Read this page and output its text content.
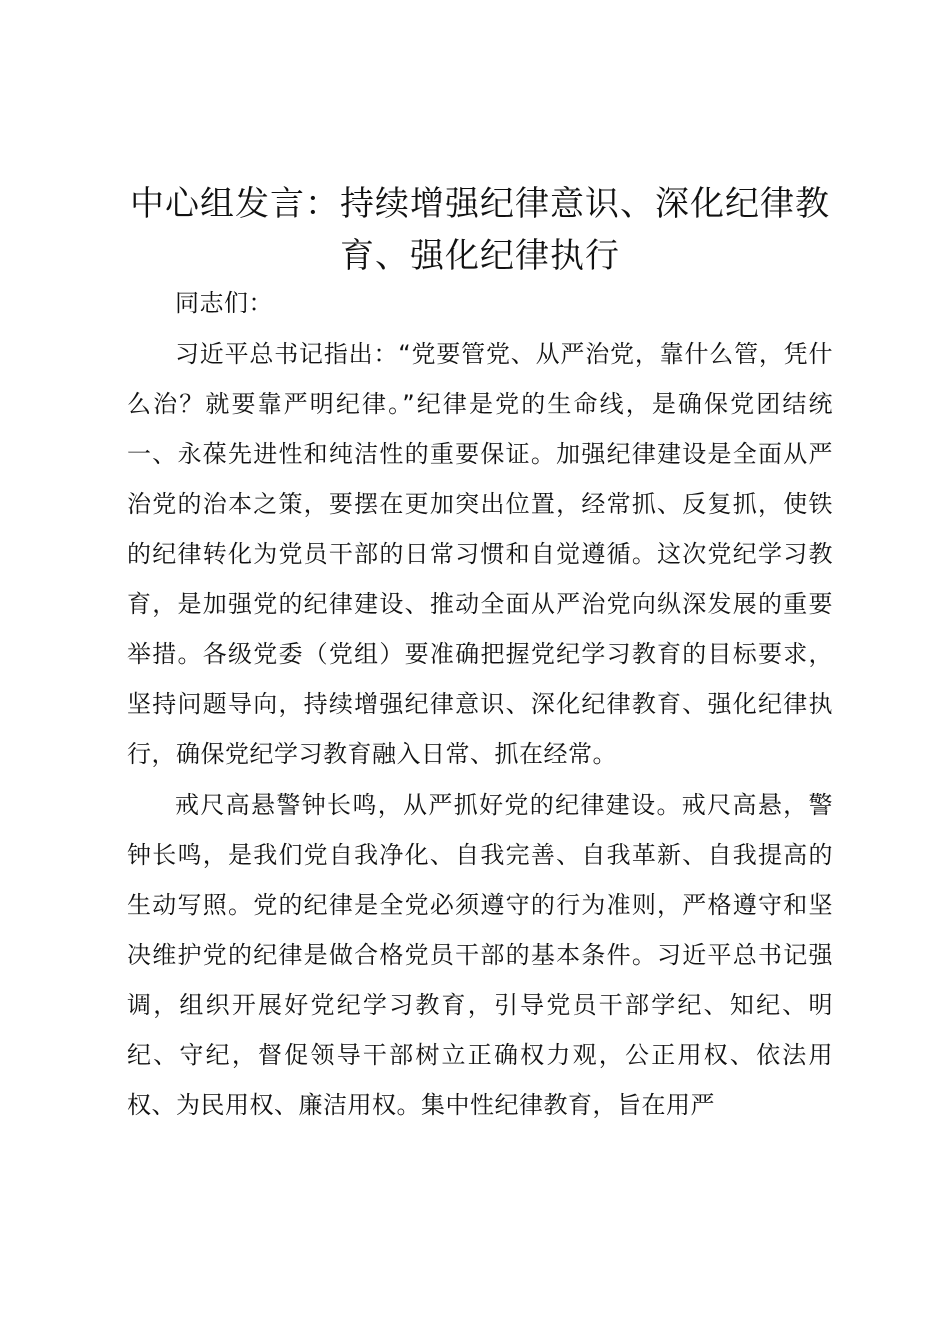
中心组发言：持续增强纪律意识、深化纪律教育、强化纪律执行

同志们：

习近平总书记指出：“党要管党、从严治党，靠什么管，凭什么治？就要靠严明纪律。”纪律是党的生命线，是确保党团结统一、永葆先进性和纯洁性的重要保证。加强纪律建设是全面从严治党的治本之策，要摆在更加突出位置，经常抓、反复抓，使铁的纪律转化为党员干部的日常习惯和自觉遵循。这次党纪学习教育，是加强党的纪律建设、推动全面从严治党向纵深发展的重要举措。各级党委（党组）要准确把握党纪学习教育的目标要求，坚持问题导向，持续增强纪律意识、深化纪律教育、强化纪律执行，确保党纪学习教育融入日常、抓在经常。

戒尺高悬警钟长鸣，从严抓好党的纪律建设。戒尺高悬，警钟长鸣，是我们党自我净化、自我完善、自我革新、自我提高的生动写照。党的纪律是全党必须遵守的行为准则，严格遵守和坚决维护党的纪律是做合格党员干部的基本条件。习近平总书记强调，组织开展好党纪学习教育，引导党员干部学纪、知纪、明纪、守纪，督促领导干部树立正确权力观，公正用权、依法用权、为民用权、廉洁用权。集中性纪律教育，旨在用严
